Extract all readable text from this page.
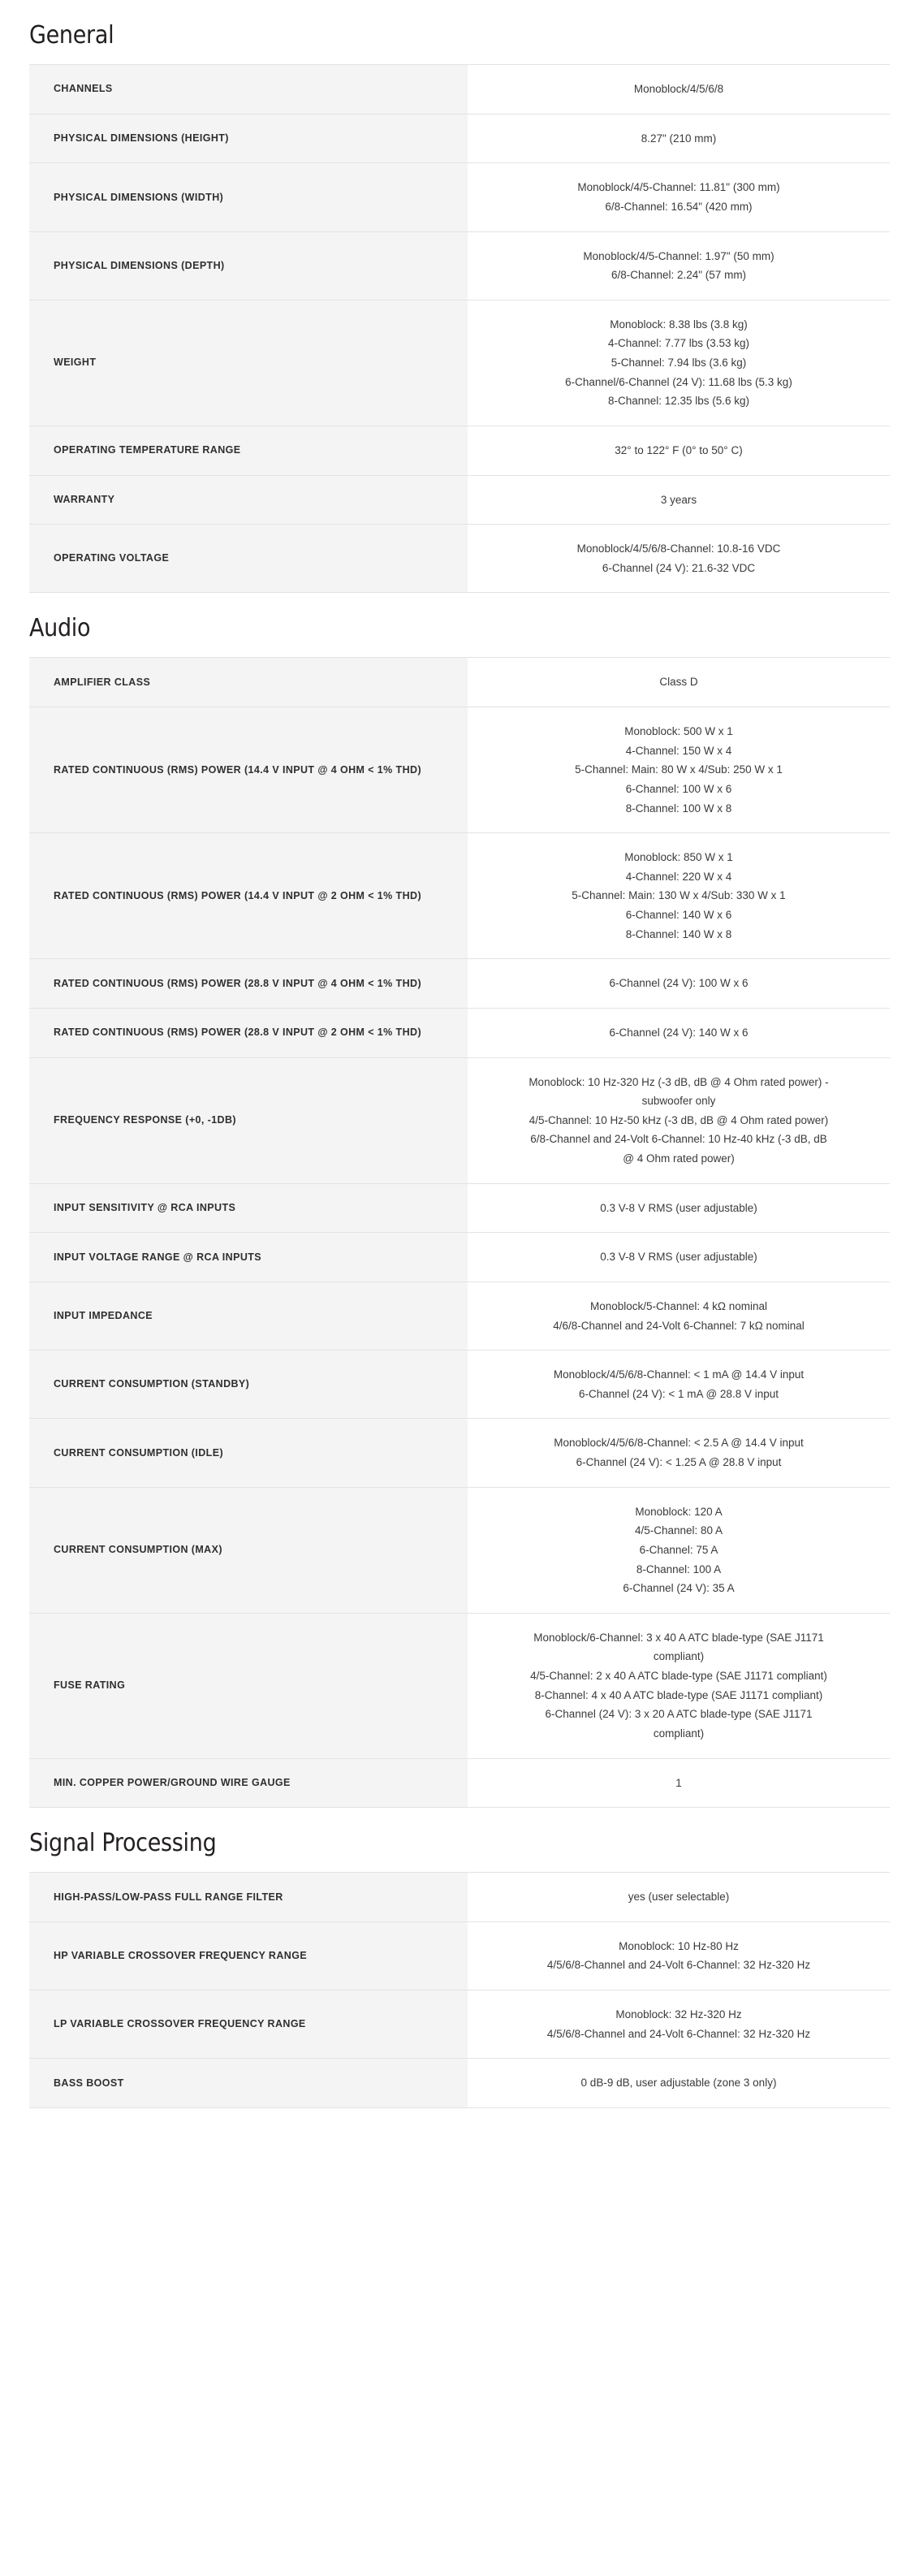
General
CHANNELS	Monoblock/4/5/6/8

PHYSICAL DIMENSIONS (HEIGHT)	8.27" (210 mm)

PHYSICAL DIMENSIONS (WIDTH)	Monoblock/4/5-Channel: 11.81" (300 mm)
6/8-Channel: 16.54" (420 mm)

PHYSICAL DIMENSIONS (DEPTH)	Monoblock/4/5-Channel: 1.97" (50 mm)
6/8-Channel: 2.24" (57 mm)

WEIGHT	Monoblock: 8.38 lbs (3.8 kg)
4-Channel: 7.77 lbs (3.53 kg)
5-Channel: 7.94 lbs (3.6 kg)
6-Channel/6-Channel (24 V): 11.68 lbs (5.3 kg)
8-Channel: 12.35 lbs (5.6 kg)

OPERATING TEMPERATURE RANGE	32° to 122° F (0° to 50° C)

WARRANTY	3 years

OPERATING VOLTAGE	Monoblock/4/5/6/8-Channel: 10.8-16 VDC
6-Channel (24 V): 21.6-32 VDC
Audio
AMPLIFIER CLASS	Class D

RATED CONTINUOUS (RMS) POWER (14.4 V INPUT @ 4 OHM < 1% THD)	Monoblock: 500 W x 1
4-Channel: 150 W x 4
5-Channel: Main: 80 W x 4/Sub: 250 W x 1
6-Channel: 100 W x 6
8-Channel: 100 W x 8

RATED CONTINUOUS (RMS) POWER (14.4 V INPUT @ 2 OHM < 1% THD)	Monoblock: 850 W x 1
4-Channel: 220 W x 4
5-Channel: Main: 130 W x 4/Sub: 330 W x 1
6-Channel: 140 W x 6
8-Channel: 140 W x 8

RATED CONTINUOUS (RMS) POWER (28.8 V INPUT @ 4 OHM < 1% THD)	6-Channel (24 V): 100 W x 6

RATED CONTINUOUS (RMS) POWER (28.8 V INPUT @ 2 OHM < 1% THD)	6-Channel (24 V): 140 W x 6

FREQUENCY RESPONSE (+0, -1DB)	Monoblock: 10 Hz-320 Hz (-3 dB, dB @ 4 Ohm rated power) -
subwoofer only
4/5-Channel: 10 Hz-50 kHz (-3 dB, dB @ 4 Ohm rated power)
6/8-Channel and 24-Volt 6-Channel: 10 Hz-40 kHz (-3 dB, dB
@ 4 Ohm rated power)

INPUT SENSITIVITY @ RCA INPUTS	0.3 V-8 V RMS (user adjustable)

INPUT VOLTAGE RANGE @ RCA INPUTS	0.3 V-8 V RMS (user adjustable)

INPUT IMPEDANCE	Monoblock/5-Channel: 4 kΩ nominal
4/6/8-Channel and 24-Volt 6-Channel: 7 kΩ nominal

CURRENT CONSUMPTION (STANDBY)	Monoblock/4/5/6/8-Channel: < 1 mA @ 14.4 V input
6-Channel (24 V): < 1 mA @ 28.8 V input

CURRENT CONSUMPTION (IDLE)	Monoblock/4/5/6/8-Channel: < 2.5 A @ 14.4 V input
6-Channel (24 V): < 1.25 A @ 28.8 V input

CURRENT CONSUMPTION (MAX)	Monoblock: 120 A
4/5-Channel: 80 A
6-Channel: 75 A
8-Channel: 100 A
6-Channel (24 V): 35 A

FUSE RATING	
Monoblock/6-Channel: 3 x 40 A ATC blade-type (SAE J1171
compliant)
4/5-Channel: 2 x 40 A ATC blade-type (SAE J1171 compliant)
8-Channel: 4 x 40 A ATC blade-type (SAE J1171 compliant)
6-Channel (24 V): 3 x 20 A ATC blade-type (SAE J1171
compliant)

MIN. COPPER POWER/GROUND WIRE GAUGE	1
Signal Processing
HIGH-PASS/LOW-PASS FULL RANGE FILTER	yes (user selectable)

HP VARIABLE CROSSOVER FREQUENCY RANGE	Monoblock: 10 Hz-80 Hz
4/5/6/8-Channel and 24-Volt 6-Channel: 32 Hz-320 Hz

LP VARIABLE CROSSOVER FREQUENCY RANGE	Monoblock: 32 Hz-320 Hz
4/5/6/8-Channel and 24-Volt 6-Channel: 32 Hz-320 Hz

BASS BOOST	0 dB-9 dB, user adjustable (zone 3 only)
